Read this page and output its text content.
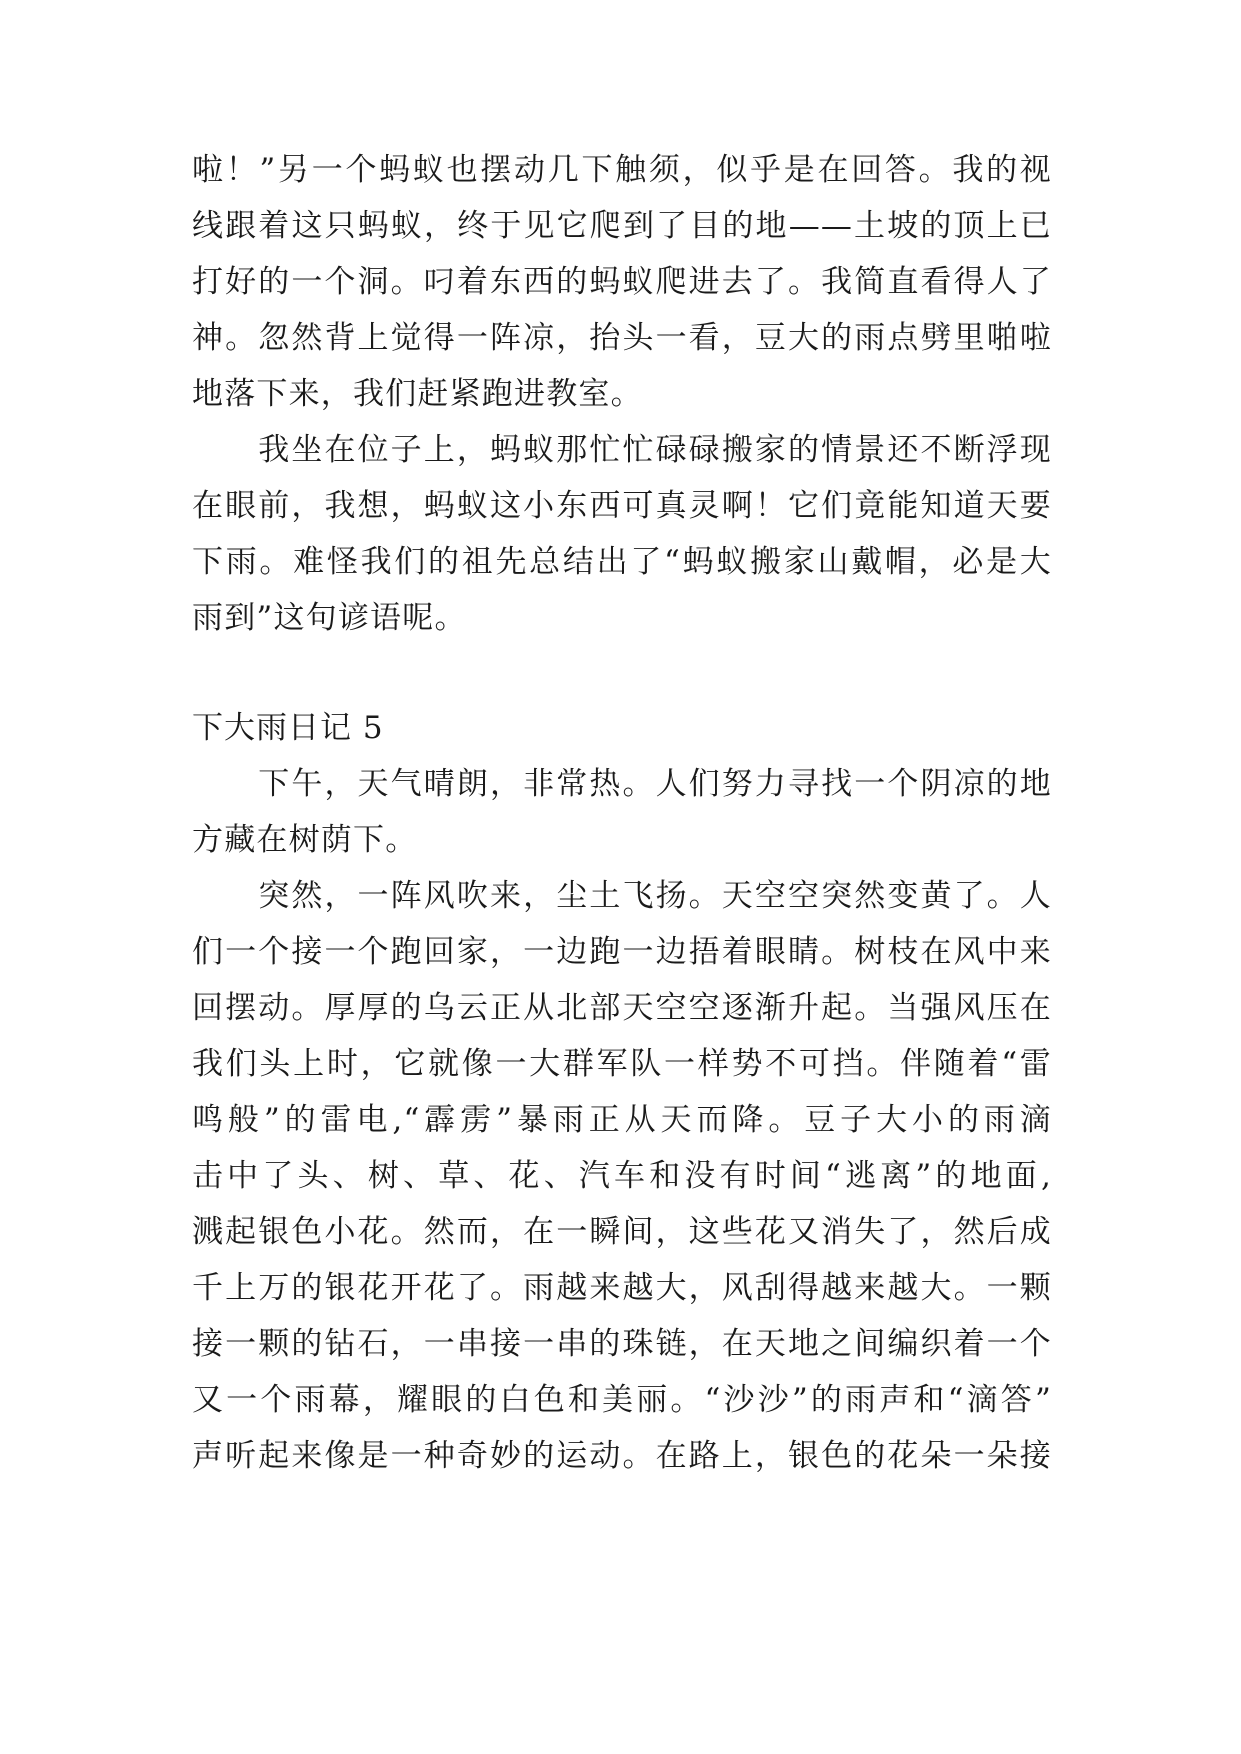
啦！”另一个蚂蚁也摆动几下触须，似乎是在回答。我的视
线跟着这只蚂蚁，终于见它爬到了目的地——土坡的顶上已
打好的一个洞。叼着东西的蚂蚁爬进去了。我简直看得人了
神。忽然背上觉得一阵凉，抬头一看，豆大的雨点劈里啪啦
地落下来，我们赶紧跑进教室。
　　我坐在位子上，蚂蚁那忙忙碌碌搬家的情景还不断浮现
在眼前，我想，蚂蚁这小东西可真灵啊！它们竟能知道天要
下雨。难怪我们的祖先总结出了“蚂蚁搬家山戴帽，必是大
雨到”这句谚语呢。
下大雨日记 5
　　下午，天气晴朗，非常热。人们努力寻找一个阴凉的地
方藏在树荫下。
　　突然，一阵风吹来，尘土飞扬。天空空突然变黄了。人
们一个接一个跑回家，一边跑一边捂着眼睛。树枝在风中来
回摆动。厚厚的乌云正从北部天空空逐渐升起。当强风压在
我们头上时，它就像一大群军队一样势不可挡。伴随着“雷
鸣般”的雷电,“霹雳”暴雨正从天而降。豆子大小的雨滴
击中了头、树、草、花、汽车和没有时间“逃离”的地面,
溅起银色小花。然而，在一瞬间，这些花又消失了，然后成
千上万的银花开花了。雨越来越大，风刮得越来越大。一颗
接一颗的钻石，一串接一串的珠链，在天地之间编织着一个
又一个雨幕，耀眼的白色和美丽。“沙沙”的雨声和“滴答”
声听起来像是一种奇妙的运动。在路上，银色的花朵一朵接
